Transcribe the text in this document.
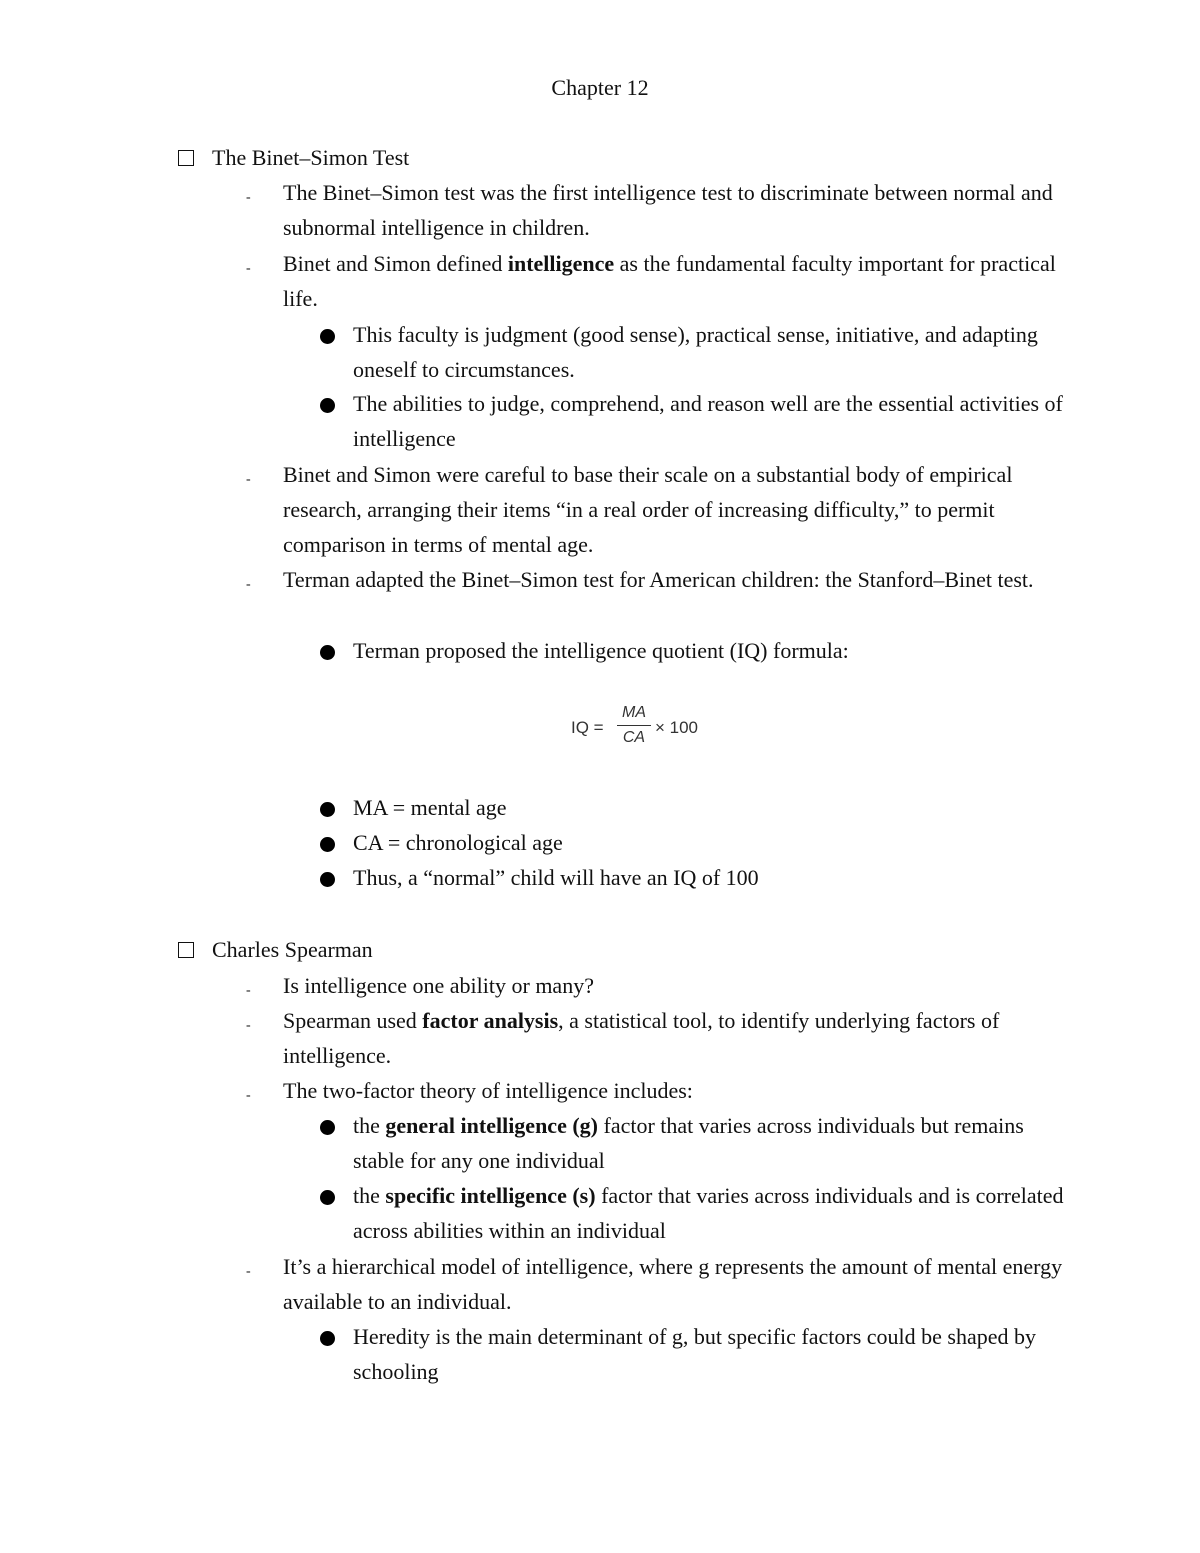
Chapter 12
The Binet–Simon Test
- The Binet–Simon test was the first intelligence test to discriminate between normal and subnormal intelligence in children.
- Binet and Simon defined intelligence as the fundamental faculty important for practical life.
This faculty is judgment (good sense), practical sense, initiative, and adapting oneself to circumstances.
The abilities to judge, comprehend, and reason well are the essential activities of intelligence
- Binet and Simon were careful to base their scale on a substantial body of empirical research, arranging their items “in a real order of increasing difficulty,” to permit comparison in terms of mental age.
- Terman adapted the Binet–Simon test for American children: the Stanford–Binet test.
Terman proposed the intelligence quotient (IQ) formula:
IQ =
MA
CA
× 100
MA = mental age
CA = chronological age
Thus, a “normal” child will have an IQ of 100
Charles Spearman
- Is intelligence one ability or many?
- Spearman used factor analysis, a statistical tool, to identify underlying factors of intelligence.
- The two-factor theory of intelligence includes:
the general intelligence (g) factor that varies across individuals but remains stable for any one individual
the specific intelligence (s) factor that varies across individuals and is correlated across abilities within an individual
- It’s a hierarchical model of intelligence, where g represents the amount of mental energy available to an individual.
Heredity is the main determinant of g, but specific factors could be shaped by schooling
